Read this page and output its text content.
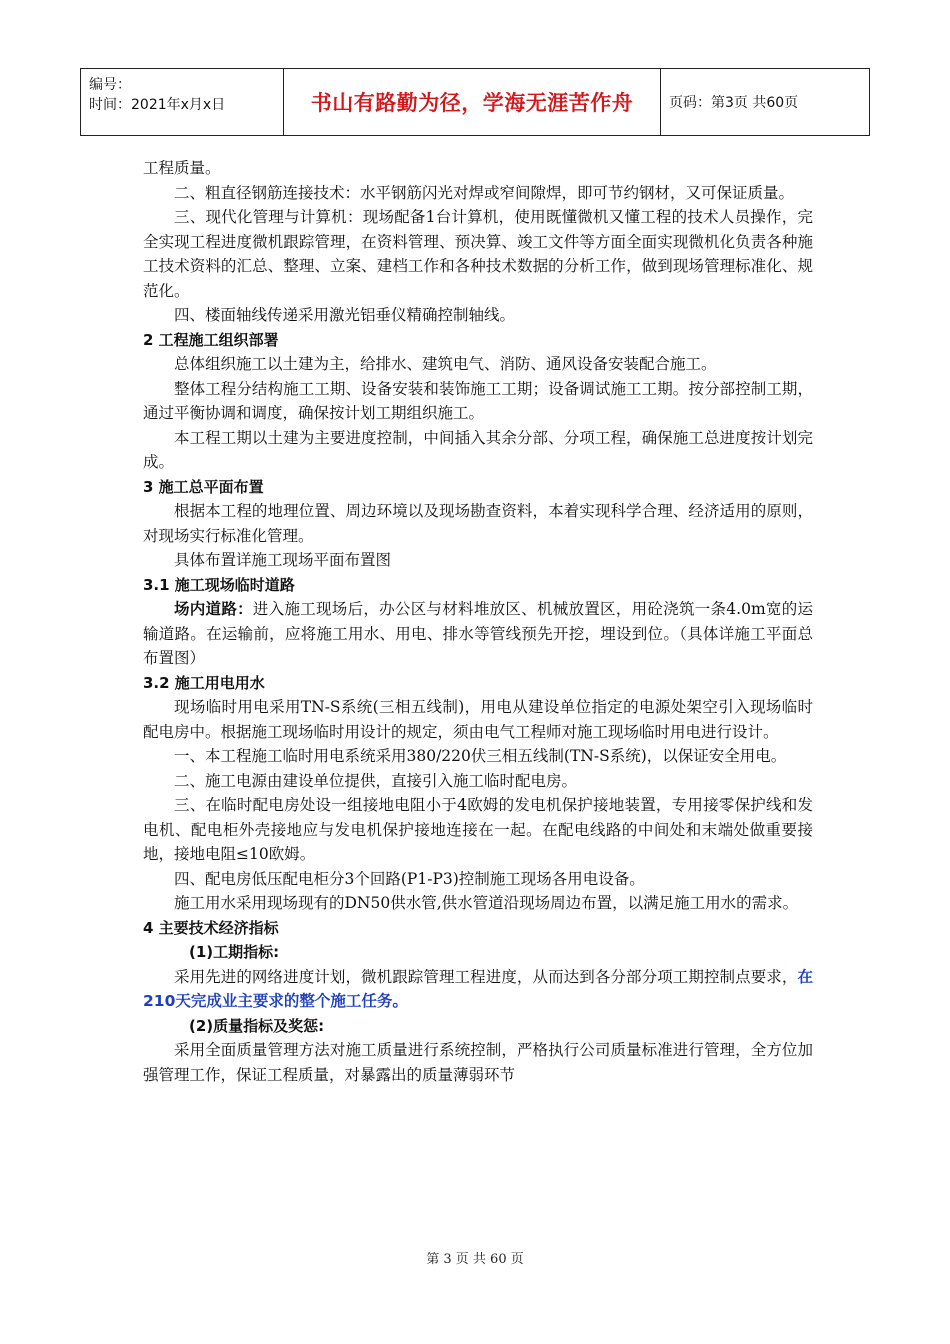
编号：
时间：2021年x月x日	书山有路勤为径，学海无涯苦作舟	页码：第3页 共60页

工程质量。

二、粗直径钢筋连接技术：水平钢筋闪光对焊或窄间隙焊，即可节约钢材，又可保证质量。

三、现代化管理与计算机：现场配备1台计算机，使用既懂微机又懂工程的技术人员操作，完全实现工程进度微机跟踪管理，在资料管理、预决算、竣工文件等方面全面实现微机化负责各种施工技术资料的汇总、整理、立案、建档工作和各种技术数据的分析工作，做到现场管理标准化、规范化。

四、楼面轴线传递采用激光铝垂仪精确控制轴线。

2 工程施工组织部署

总体组织施工以土建为主，给排水、建筑电气、消防、通风设备安装配合施工。

整体工程分结构施工工期、设备安装和装饰施工工期；设备调试施工工期。按分部控制工期，通过平衡协调和调度，确保按计划工期组织施工。

本工程工期以土建为主要进度控制，中间插入其余分部、分项工程，确保施工总进度按计划完成。

3 施工总平面布置

根据本工程的地理位置、周边环境以及现场勘查资料，本着实现科学合理、经济适用的原则，对现场实行标准化管理。

具体布置详施工现场平面布置图

3.1 施工现场临时道路

场内道路：进入施工现场后，办公区与材料堆放区、机械放置区，用砼浇筑一条4.0m宽的运输道路。在运输前，应将施工用水、用电、排水等管线预先开挖，埋设到位。（具体详施工平面总布置图）

3.2 施工用电用水

现场临时用电采用TN-S系统(三相五线制)，用电从建设单位指定的电源处架空引入现场临时配电房中。根据施工现场临时用设计的规定，须由电气工程师对施工现场临时用电进行设计。

一、本工程施工临时用电系统采用380/220伏三相五线制(TN-S系统)，以保证安全用电。

二、施工电源由建设单位提供，直接引入施工临时配电房。

三、在临时配电房处设一组接地电阻小于4欧姆的发电机保护接地装置，专用接零保护线和发电机、配电柜外壳接地应与发电机保护接地连接在一起。在配电线路的中间处和末端处做重要接地，接地电阻≤10欧姆。

四、配电房低压配电柜分3个回路(P1-P3)控制施工现场各用电设备。

施工用水采用现场现有的DN50供水管,供水管道沿现场周边布置，以满足施工用水的需求。

4 主要技术经济指标

(1)工期指标:

采用先进的网络进度计划，微机跟踪管理工程进度，从而达到各分部分项工期控制点要求，在210天完成业主要求的整个施工任务。

(2)质量指标及奖惩:

采用全面质量管理方法对施工质量进行系统控制，严格执行公司质量标准进行管理，全方位加强管理工作，保证工程质量，对暴露出的质量薄弱环节

第 3 页 共 60 页
